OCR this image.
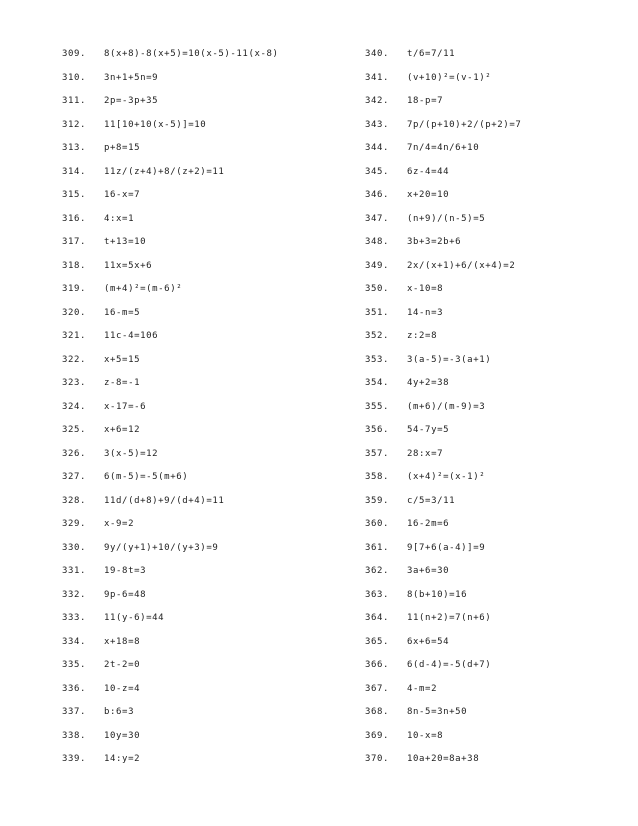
309.	8(x+8)-8(x+5)=10(x-5)-11(x-8)
310.	3n+1+5n=9
311.	2p=-3p+35
312.	11[10+10(x-5)]=10
313.	p+8=15
314.	11z/(z+4)+8/(z+2)=11
315.	16-x=7
316.	4:x=1
317.	t+13=10
318.	11x=5x+6
319.	(m+4)²=(m-6)²
320.	16-m=5
321.	11c-4=106
322.	x+5=15
323.	z-8=-1
324.	x-17=-6
325.	x+6=12
326.	3(x-5)=12
327.	6(m-5)=-5(m+6)
328.	11d/(d+8)+9/(d+4)=11
329.	x-9=2
330.	9y/(y+1)+10/(y+3)=9
331.	19-8t=3
332.	9p-6=48
333.	11(y-6)=44
334.	x+18=8
335.	2t-2=0
336.	10-z=4
337.	b:6=3
338.	10y=30
339.	14:y=2
340.	t/6=7/11
341.	(v+10)²=(v-1)²
342.	18-p=7
343.	7p/(p+10)+2/(p+2)=7
344.	7n/4=4n/6+10
345.	6z-4=44
346.	x+20=10
347.	(n+9)/(n-5)=5
348.	3b+3=2b+6
349.	2x/(x+1)+6/(x+4)=2
350.	x-10=8
351.	14-n=3
352.	z:2=8
353.	3(a-5)=-3(a+1)
354.	4y+2=38
355.	(m+6)/(m-9)=3
356.	54-7y=5
357.	28:x=7
358.	(x+4)²=(x-1)²
359.	c/5=3/11
360.	16-2m=6
361.	9[7+6(a-4)]=9
362.	3a+6=30
363.	8(b+10)=16
364.	11(n+2)=7(n+6)
365.	6x+6=54
366.	6(d-4)=-5(d+7)
367.	4-m=2
368.	8n-5=3n+50
369.	10-x=8
370.	10a+20=8a+38
